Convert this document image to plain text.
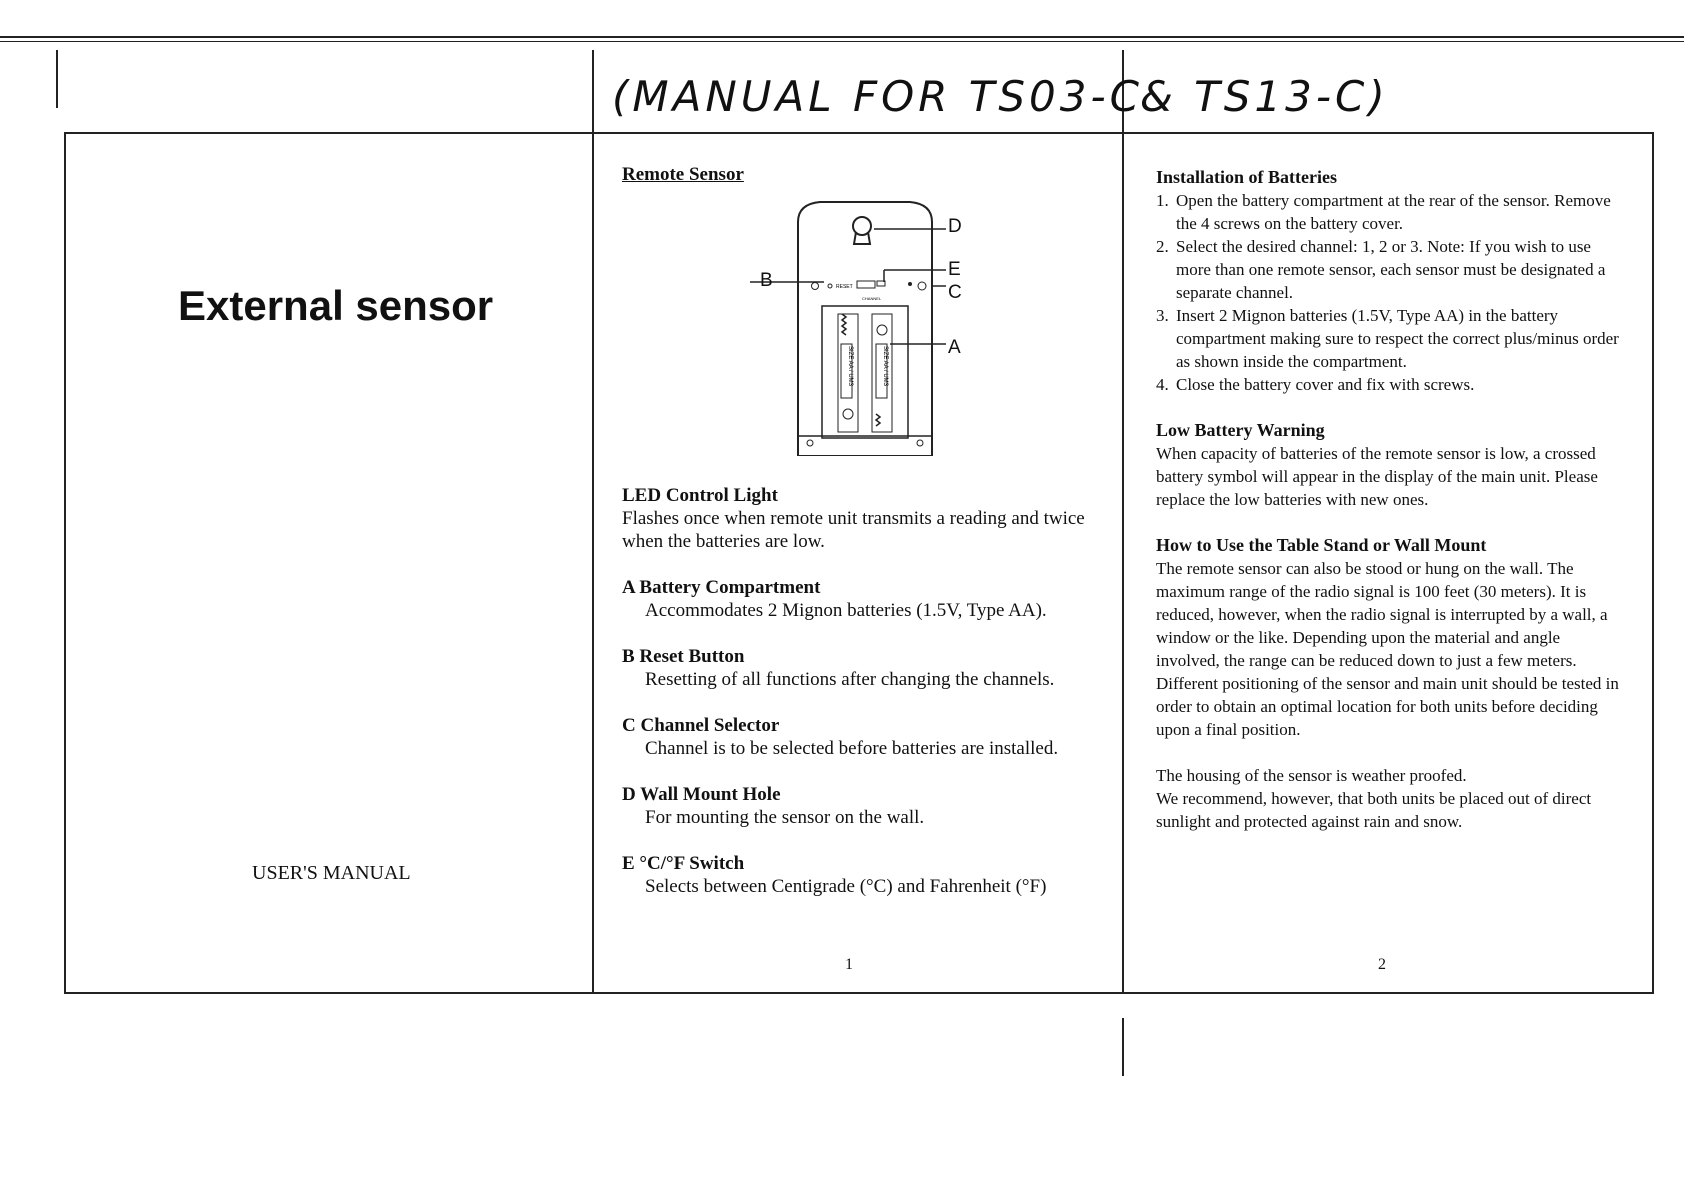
(MANUAL FOR TS03-C
& TS13-C)
External sensor
USER'S MANUAL
Remote Sensor
RESET
CHANNEL
SIZE AA / UM3	SIZE AA / UM3
D
E
B
C
A
LED Control Light

Flashes once when remote unit transmits a reading and twice when the batteries are low.

A Battery Compartment

Accommodates 2 Mignon batteries (1.5V, Type AA).

B Reset Button

Resetting of all functions after changing the channels.

C Channel Selector

Channel is to be selected before batteries are installed.

D Wall Mount Hole

For mounting the sensor on the wall.

E °C/°F Switch

Selects between Centigrade (°C) and Fahrenheit (°F)

1
Installation of Batteries
1. Open the battery compartment at the rear of the sensor. Remove the 4 screws on the battery cover.
2. Select the desired channel: 1, 2 or 3. Note: If you wish to use more than one remote sensor, each sensor must be designated a separate channel.
3. Insert 2 Mignon batteries (1.5V, Type AA) in the battery compartment making sure to respect the correct plus/minus order as shown inside the compartment.
4. Close the battery cover and fix with screws.
Low Battery Warning

When capacity of batteries of the remote sensor is low, a crossed battery symbol will appear in the display of the main unit. Please replace the low batteries with new ones.

How to Use the Table Stand or Wall Mount

The remote sensor can also be stood or hung on the wall. The maximum range of the radio signal is 100 feet (30 meters). It is reduced, however, when the radio signal is interrupted by a wall, a window or the like. Depending upon the material and angle involved, the range can be reduced down to just a few meters. Different positioning of the sensor and main unit should be tested in order to obtain an optimal location for both units before deciding upon a final position.

The housing of the sensor is weather proofed.

We recommend, however, that both units be placed out of direct sunlight and protected against rain and snow.

2
